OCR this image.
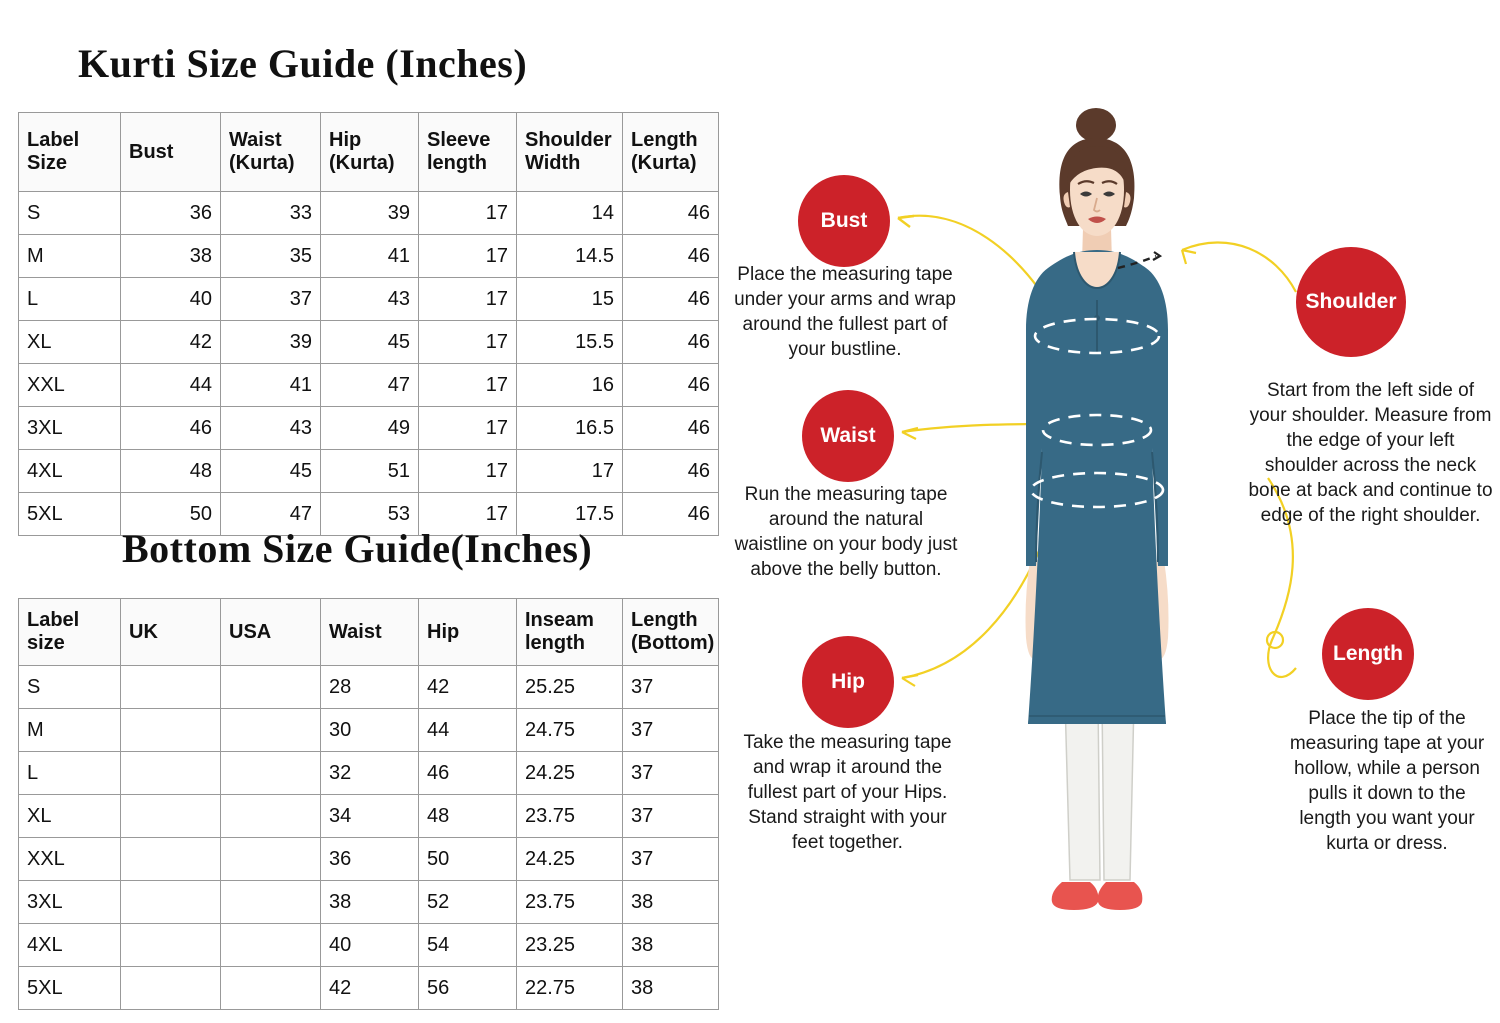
Kurti Size Guide (Inches)
Label Size	Bust	Waist (Kurta)	Hip (Kurta)	Sleeve length	Shoulder Width	Length (Kurta)
S	36	33	39	17	14	46
M	38	35	41	17	14.5	46
L	40	37	43	17	15	46
XL	42	39	45	17	15.5	46
XXL	44	41	47	17	16	46
3XL	46	43	49	17	16.5	46
4XL	48	45	51	17	17	46
5XL	50	47	53	17	17.5	46
Bottom Size Guide(Inches)
Label size	UK	USA	Waist	Hip	Inseam length	Length (Bottom)
S			28	42	25.25	37
M			30	44	24.75	37
L			32	46	24.25	37
XL			34	48	23.75	37
XXL			36	50	24.25	37
3XL			38	52	23.75	38
4XL			40	54	23.25	38
5XL			42	56	22.75	38
Bust
Waist
Hip
Shoulder
Length
Place the measuring tape under your arms and wrap around the fullest part of your bustline.
Run the measuring tape around the natural waistline on your body just above the belly button.
Take the measuring tape and wrap it around the fullest part of your Hips. Stand straight with your feet together.
Start from the left side of your shoulder. Measure from the edge of your left shoulder across the neck bone at back and continue to edge of the right shoulder.
Place the tip of the measuring tape at your hollow, while a person pulls it down to the length you want your kurta or dress.
